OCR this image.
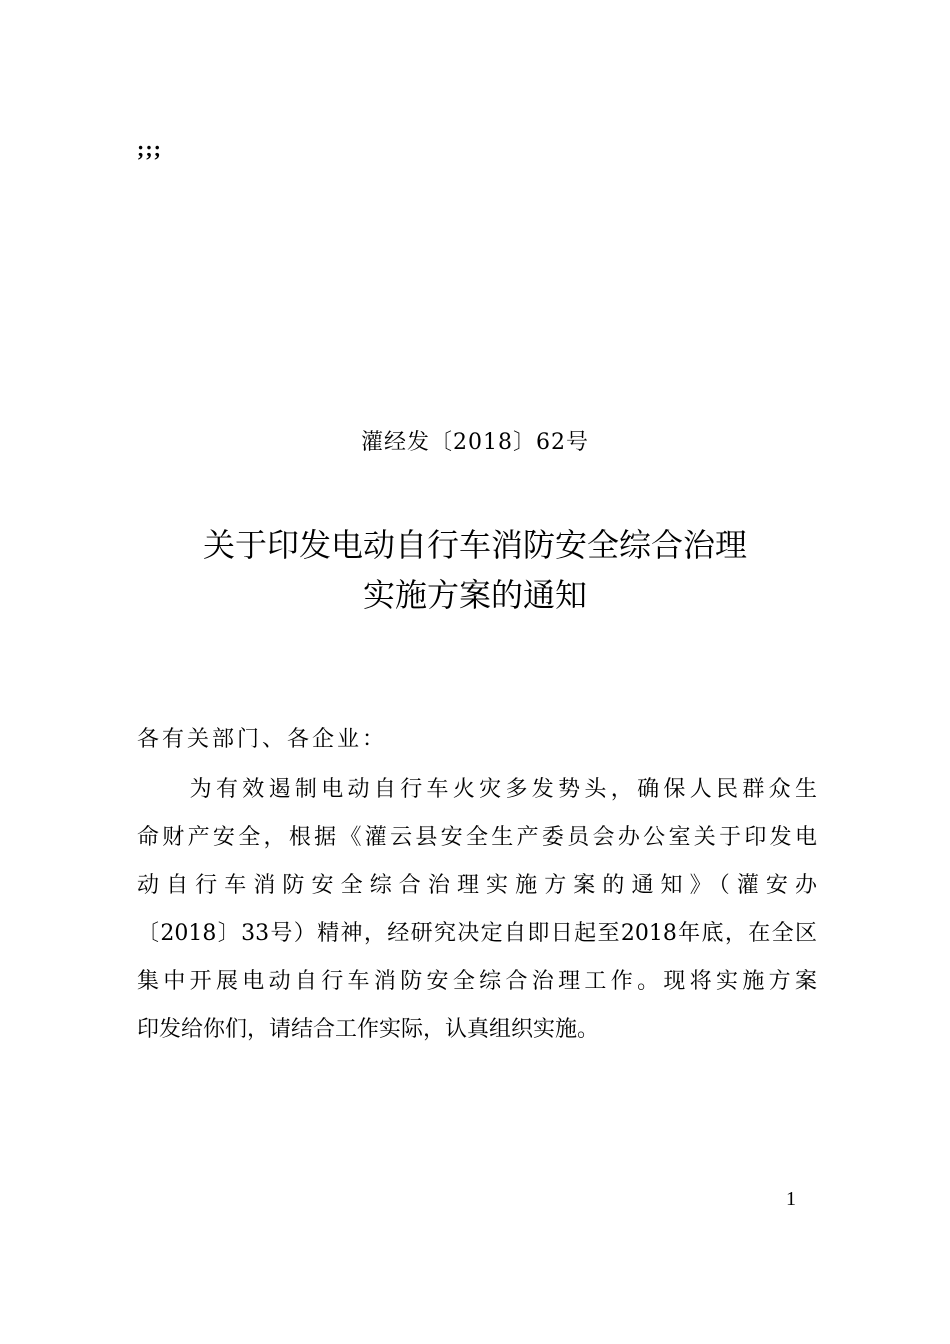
;;;
灌经发〔2018〕62号
关于印发电动自行车消防安全综合治理
实施方案的通知
各有关部门、各企业：
　　为有效遏制电动自行车火灾多发势头，确保人民群众生
命财产安全，根据《灌云县安全生产委员会办公室关于印发电
动自行车消防安全综合治理实施方案的通知》（灌安办
〔2018〕33号）精神，经研究决定自即日起至2018年底，在全区
集中开展电动自行车消防安全综合治理工作。现将实施方案
印发给你们，请结合工作实际，认真组织实施。
1
